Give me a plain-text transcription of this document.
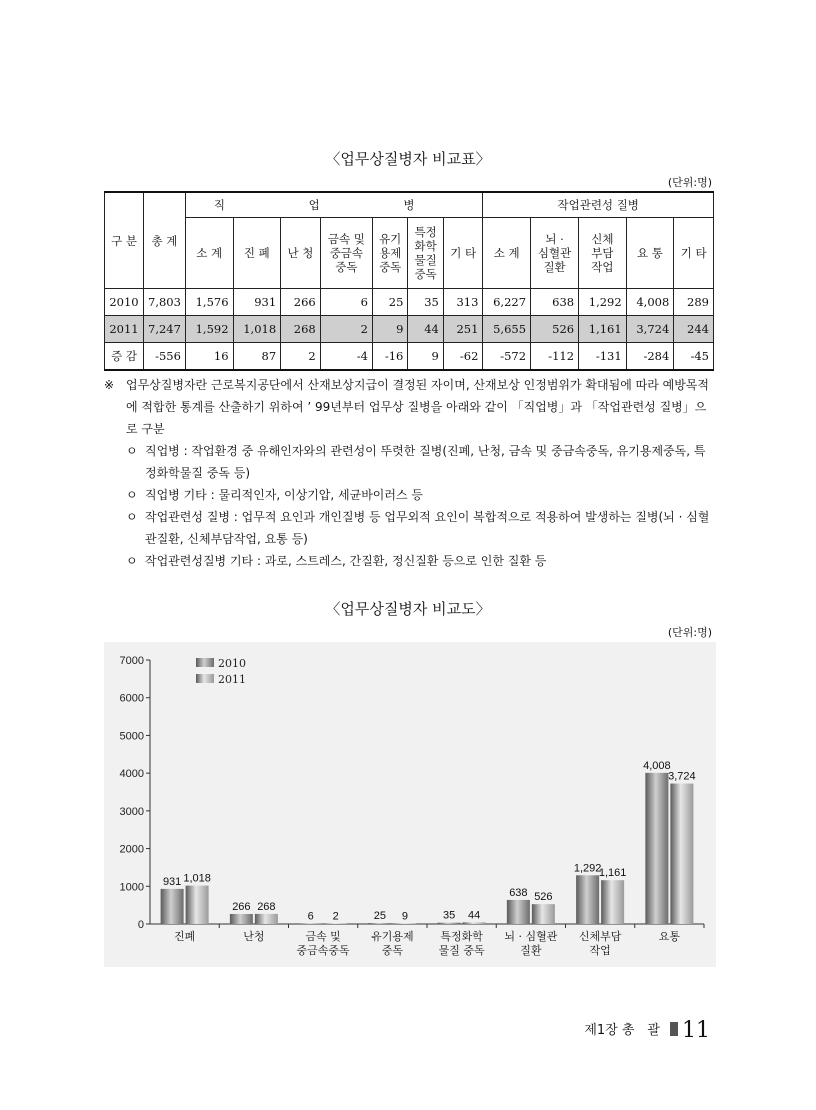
〈업무상질병자 비교표〉
(단위:명)
구 분	총 계	직 업 병							작업관련성 질병				
		소 계	진 폐	난 청	금속 및
중금속
중독	유기
용제
중독	특정
화학
물질
중독	기 타	소 계	뇌 ·
심혈관
질환	신체
부담
작업	요 통	기 타
2010	7,803	1,576	931	266	6	25	35	313	6,227	638	1,292	4,008	289
2011	7,247	1,592	1,018	268	2	9	44	251	5,655	526	1,161	3,724	244
증 감	-556	16	87	2	-4	-16	9	-62	-572	-112	-131	-284	-45
※ 업무상질병자란 근로복지공단에서 산재보상지급이 결정된 자이며, 산재보상 인정범위가 확대됨에 따라 예방목적에 적합한 통계를 산출하기 위하여 ’ 99년부터 업무상 질병을 아래와 같이 「직업병」과 「작업관련성 질병」으로 구분
ㅇ 직업병 : 작업환경 중 유해인자와의 관련성이 뚜렷한 질병(진폐, 난청, 금속 및 중금속중독, 유기용제중독, 특정화학물질 중독 등)
ㅇ 직업병 기타 : 물리적인자, 이상기압, 세균바이러스 등
ㅇ 작업관련성 질병 : 업무적 요인과 개인질병 등 업무외적 요인이 복합적으로 적용하여 발생하는 질병(뇌 · 심혈관질환, 신체부담작업, 요통 등)
ㅇ 작업관련성질병 기타 : 과로, 스트레스, 간질환, 정신질환 등으로 인한 질환 등
〈업무상질병자 비교도〉
(단위:명)
0
1000
2000
3000
4000
5000
6000
7000
931 1,018
진폐
266 268
난청
6 2
금속 및
중금속중독
25 9
유기용제
중독
35 44
특정화학
물질 중독
638 526
뇌 · 심혈관
질환
1,292
1,161
신체부담
작업
4,008
3,724
요통
2010
2011
제1장 총　괄 11
